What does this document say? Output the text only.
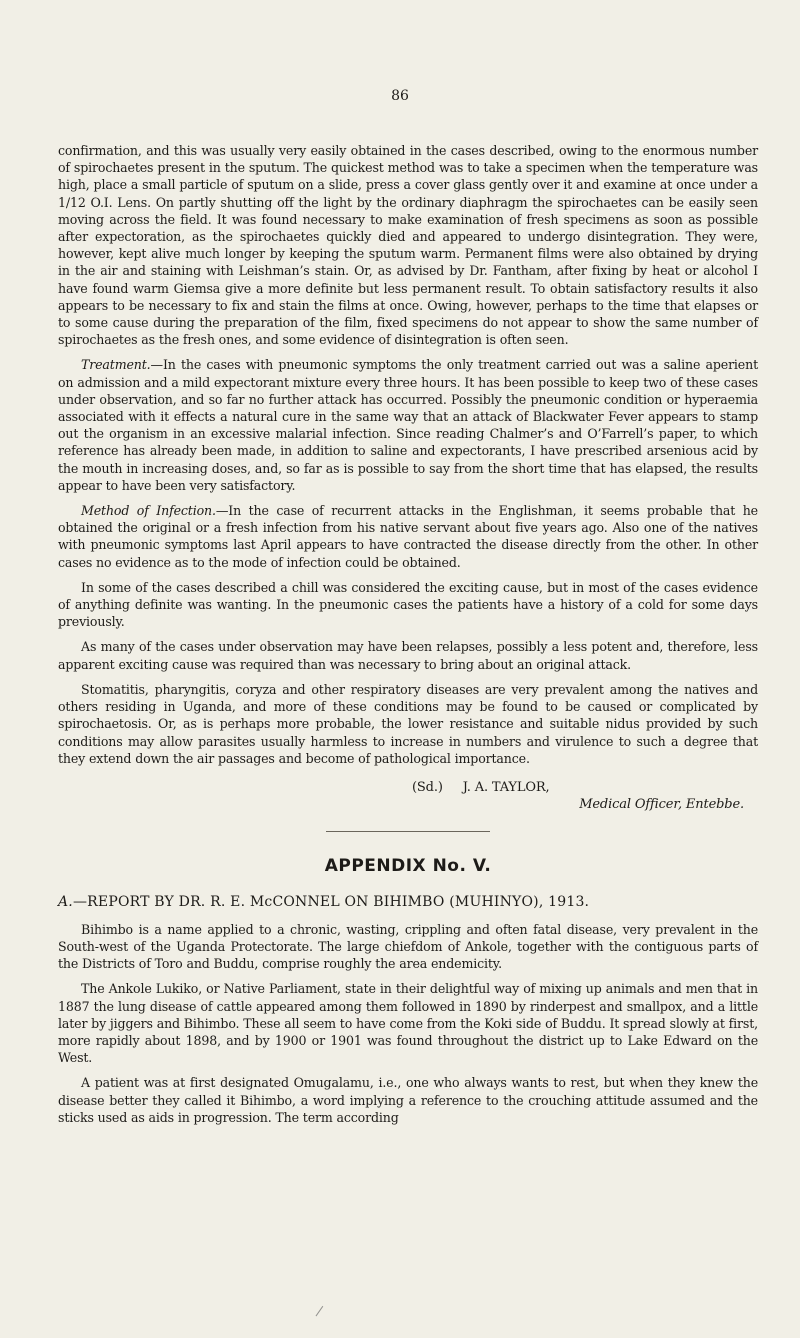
86

confirmation, and this was usually very easily obtained in the cases described, owing to the enormous number of spirochaetes present in the sputum. The quickest method was to take a specimen when the temperature was high, place a small particle of sputum on a slide, press a cover glass gently over it and examine at once under a 1/12 O.I. Lens. On partly shutting off the light by the ordinary diaphragm the spirochaetes can be easily seen moving across the field. It was found necessary to make examination of fresh specimens as soon as possible after expectoration, as the spirochaetes quickly died and appeared to undergo disintegration. They were, however, kept alive much longer by keeping the sputum warm. Permanent films were also obtained by drying in the air and staining with Leishman’s stain. Or, as advised by Dr. Fantham, after fixing by heat or alcohol I have found warm Giemsa give a more definite but less permanent result. To obtain satisfactory results it also appears to be necessary to fix and stain the films at once. Owing, however, perhaps to the time that elapses or to some cause during the preparation of the film, fixed specimens do not appear to show the same number of spirochaetes as the fresh ones, and some evidence of disintegration is often seen.

Treatment.—In the cases with pneumonic symptoms the only treatment carried out was a saline aperient on admission and a mild expectorant mixture every three hours. It has been possible to keep two of these cases under observation, and so far no further attack has occurred. Possibly the pneumonic condition or hyperaemia associated with it effects a natural cure in the same way that an attack of Blackwater Fever appears to stamp out the organism in an excessive malarial infection. Since reading Chalmer’s and O’Farrell’s paper, to which reference has already been made, in addition to saline and expectorants, I have prescribed arsenious acid by the mouth in increasing doses, and, so far as is possible to say from the short time that has elapsed, the results appear to have been very satisfactory.

Method of Infection.—In the case of recurrent attacks in the Englishman, it seems probable that he obtained the original or a fresh infection from his native servant about five years ago. Also one of the natives with pneumonic symptoms last April appears to have contracted the disease directly from the other. In other cases no evidence as to the mode of infection could be obtained.

In some of the cases described a chill was considered the exciting cause, but in most of the cases evidence of anything definite was wanting. In the pneumonic cases the patients have a history of a cold for some days previously.

As many of the cases under observation may have been relapses, possibly a less potent and, therefore, less apparent exciting cause was required than was necessary to bring about an original attack.

Stomatitis, pharyngitis, coryza and other respiratory diseases are very prevalent among the natives and others residing in Uganda, and more of these conditions may be found to be caused or complicated by spirochaetosis. Or, as is perhaps more probable, the lower resistance and suitable nidus provided by such conditions may allow parasites usually harmless to increase in numbers and virulence to such a degree that they extend down the air passages and become of pathological importance.

(Sd.) J. A. TAYLOR,
Medical Officer, Entebbe.
APPENDIX No. V.
A.—REPORT BY DR. R. E. McCONNEL ON BIHIMBO (MUHINYO), 1913.

Bihimbo is a name applied to a chronic, wasting, crippling and often fatal disease, very prevalent in the South-west of the Uganda Protectorate. The large chiefdom of Ankole, together with the contiguous parts of the Districts of Toro and Buddu, comprise roughly the area endemicity.

The Ankole Lukiko, or Native Parliament, state in their delightful way of mixing up animals and men that in 1887 the lung disease of cattle appeared among them followed in 1890 by rinderpest and smallpox, and a little later by jiggers and Bihimbo. These all seem to have come from the Koki side of Buddu. It spread slowly at first, more rapidly about 1898, and by 1900 or 1901 was found throughout the district up to Lake Edward on the West.

A patient was at first designated Omugalamu, i.e., one who always wants to rest, but when they knew the disease better they called it Bihimbo, a word implying a reference to the crouching attitude assumed and the sticks used as aids in progression. The term according
